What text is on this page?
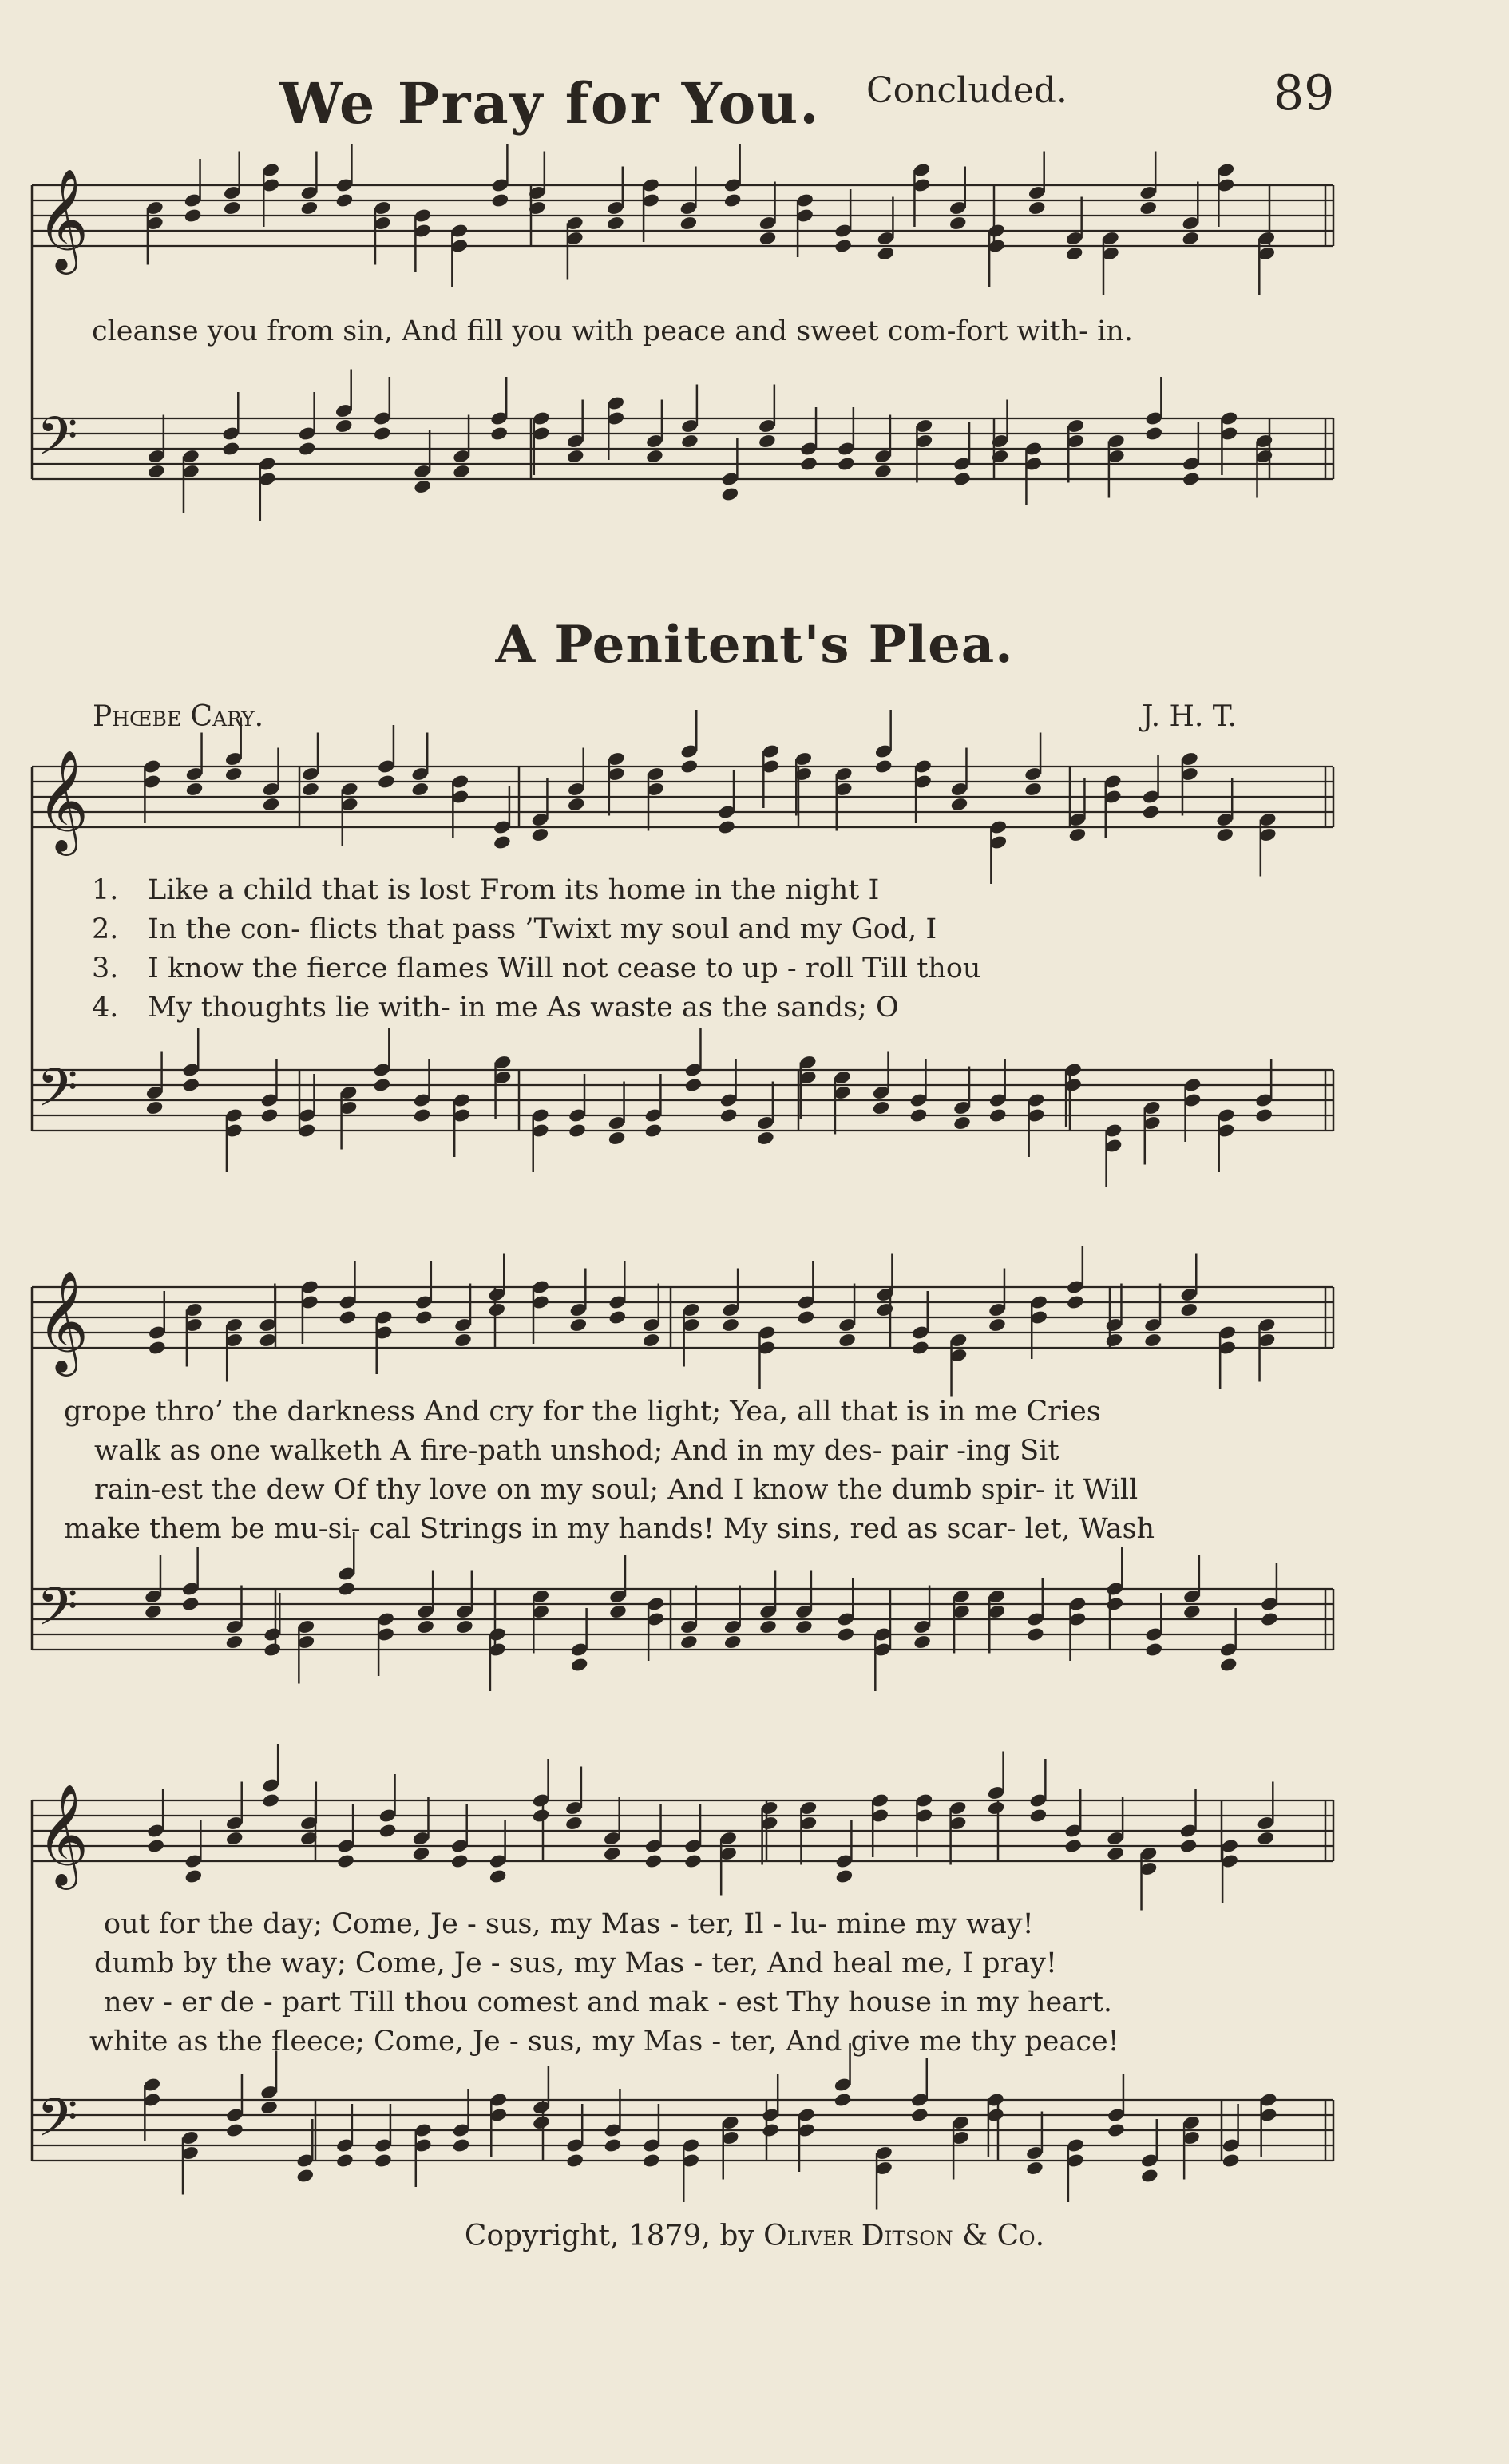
We Pray for You. Concluded.	89
𝄞
𝄢
𝄞
𝄢
𝄞
𝄢
𝄞
𝄢
cleanse you from sin, And fill you with peace and sweet com-fort with- in.
A Penitent's Plea.
Phœbe Cary.	J. H. T.
1. Like a child that is lost From its home in the night I
2. In the con- flicts that pass ’Twixt my soul and my God, I
3. I know the fierce flames Will not cease to up - roll Till thou
4. My thoughts lie with- in me As waste as the sands; O
grope thro’ the darkness And cry for the light; Yea, all that is in me Cries
walk as one walketh A fire-path unshod; And in my des- pair -ing Sit
rain-est the dew Of thy love on my soul; And I know the dumb spir- it Will
make them be mu-si- cal Strings in my hands! My sins, red as scar- let, Wash
out for the day; Come, Je - sus, my Mas - ter, Il - lu- mine my way!
dumb by the way; Come, Je - sus, my Mas - ter, And heal me, I pray!
nev - er de - part Till thou comest and mak - est Thy house in my heart.
white as the fleece; Come, Je - sus, my Mas - ter, And give me thy peace!
Copyright, 1879, by Oliver Ditson & Co.
